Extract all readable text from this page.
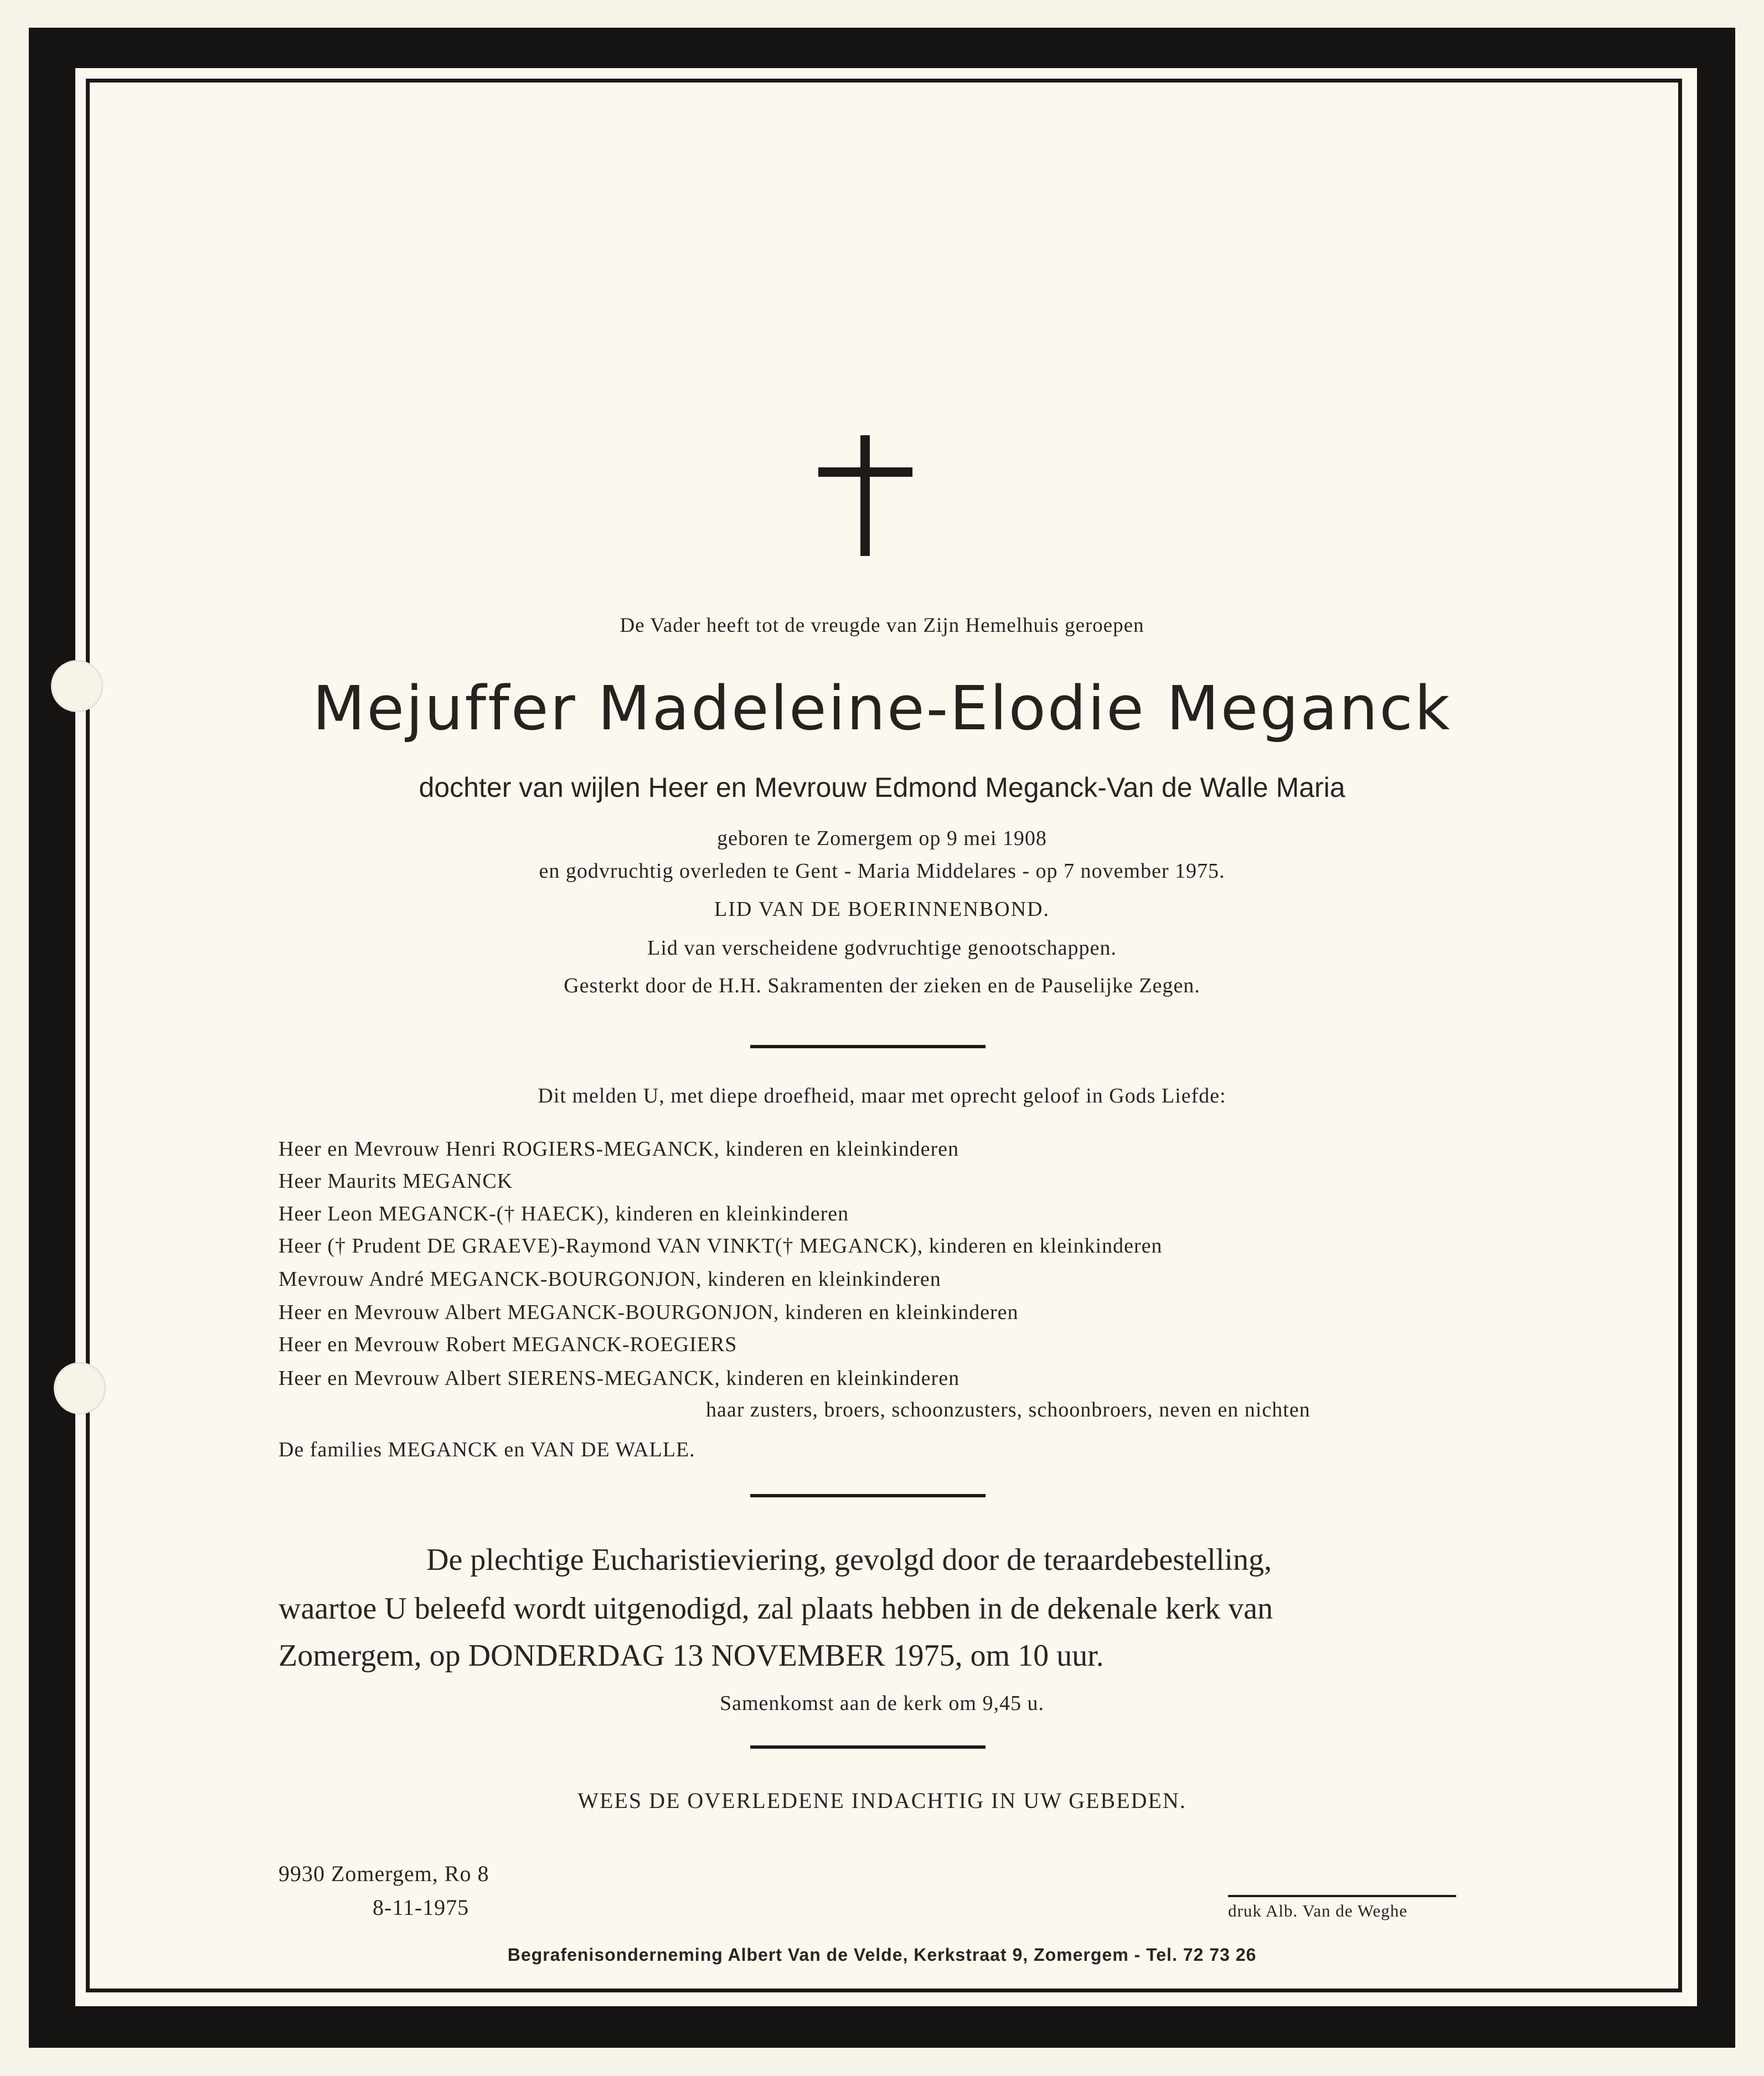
De Vader heeft tot de vreugde van Zijn Hemelhuis geroepen
Mejuffer Madeleine-Elodie Meganck
dochter van wijlen Heer en Mevrouw Edmond Meganck-Van de Walle Maria
geboren te Zomergem op 9 mei 1908
en godvruchtig overleden te Gent - Maria Middelares - op 7 november 1975.
LID VAN DE BOERINNENBOND.
Lid van verscheidene godvruchtige genootschappen.
Gesterkt door de H.H. Sakramenten der zieken en de Pauselijke Zegen.
Dit melden U, met diepe droefheid, maar met oprecht geloof in Gods Liefde:
Heer en Mevrouw Henri ROGIERS-MEGANCK, kinderen en kleinkinderen
Heer Maurits MEGANCK
Heer Leon MEGANCK-(† HAECK), kinderen en kleinkinderen
Heer († Prudent DE GRAEVE)-Raymond VAN VINKT(† MEGANCK), kinderen en kleinkinderen
Mevrouw André MEGANCK-BOURGONJON, kinderen en kleinkinderen
Heer en Mevrouw Albert MEGANCK-BOURGONJON, kinderen en kleinkinderen
Heer en Mevrouw Robert MEGANCK-ROEGIERS
Heer en Mevrouw Albert SIERENS-MEGANCK, kinderen en kleinkinderen
haar zusters, broers, schoonzusters, schoonbroers, neven en nichten
De families MEGANCK en VAN DE WALLE.
De plechtige Eucharistieviering, gevolgd door de teraardebestelling,
waartoe U beleefd wordt uitgenodigd, zal plaats hebben in de dekenale kerk van
Zomergem, op DONDERDAG 13 NOVEMBER 1975, om 10 uur.
Samenkomst aan de kerk om 9,45 u.
WEES DE OVERLEDENE INDACHTIG IN UW GEBEDEN.
9930 Zomergem, Ro 8
8-11-1975	druk Alb. Van de Weghe
Begrafenisonderneming Albert Van de Velde, Kerkstraat 9, Zomergem - Tel. 72 73 26
